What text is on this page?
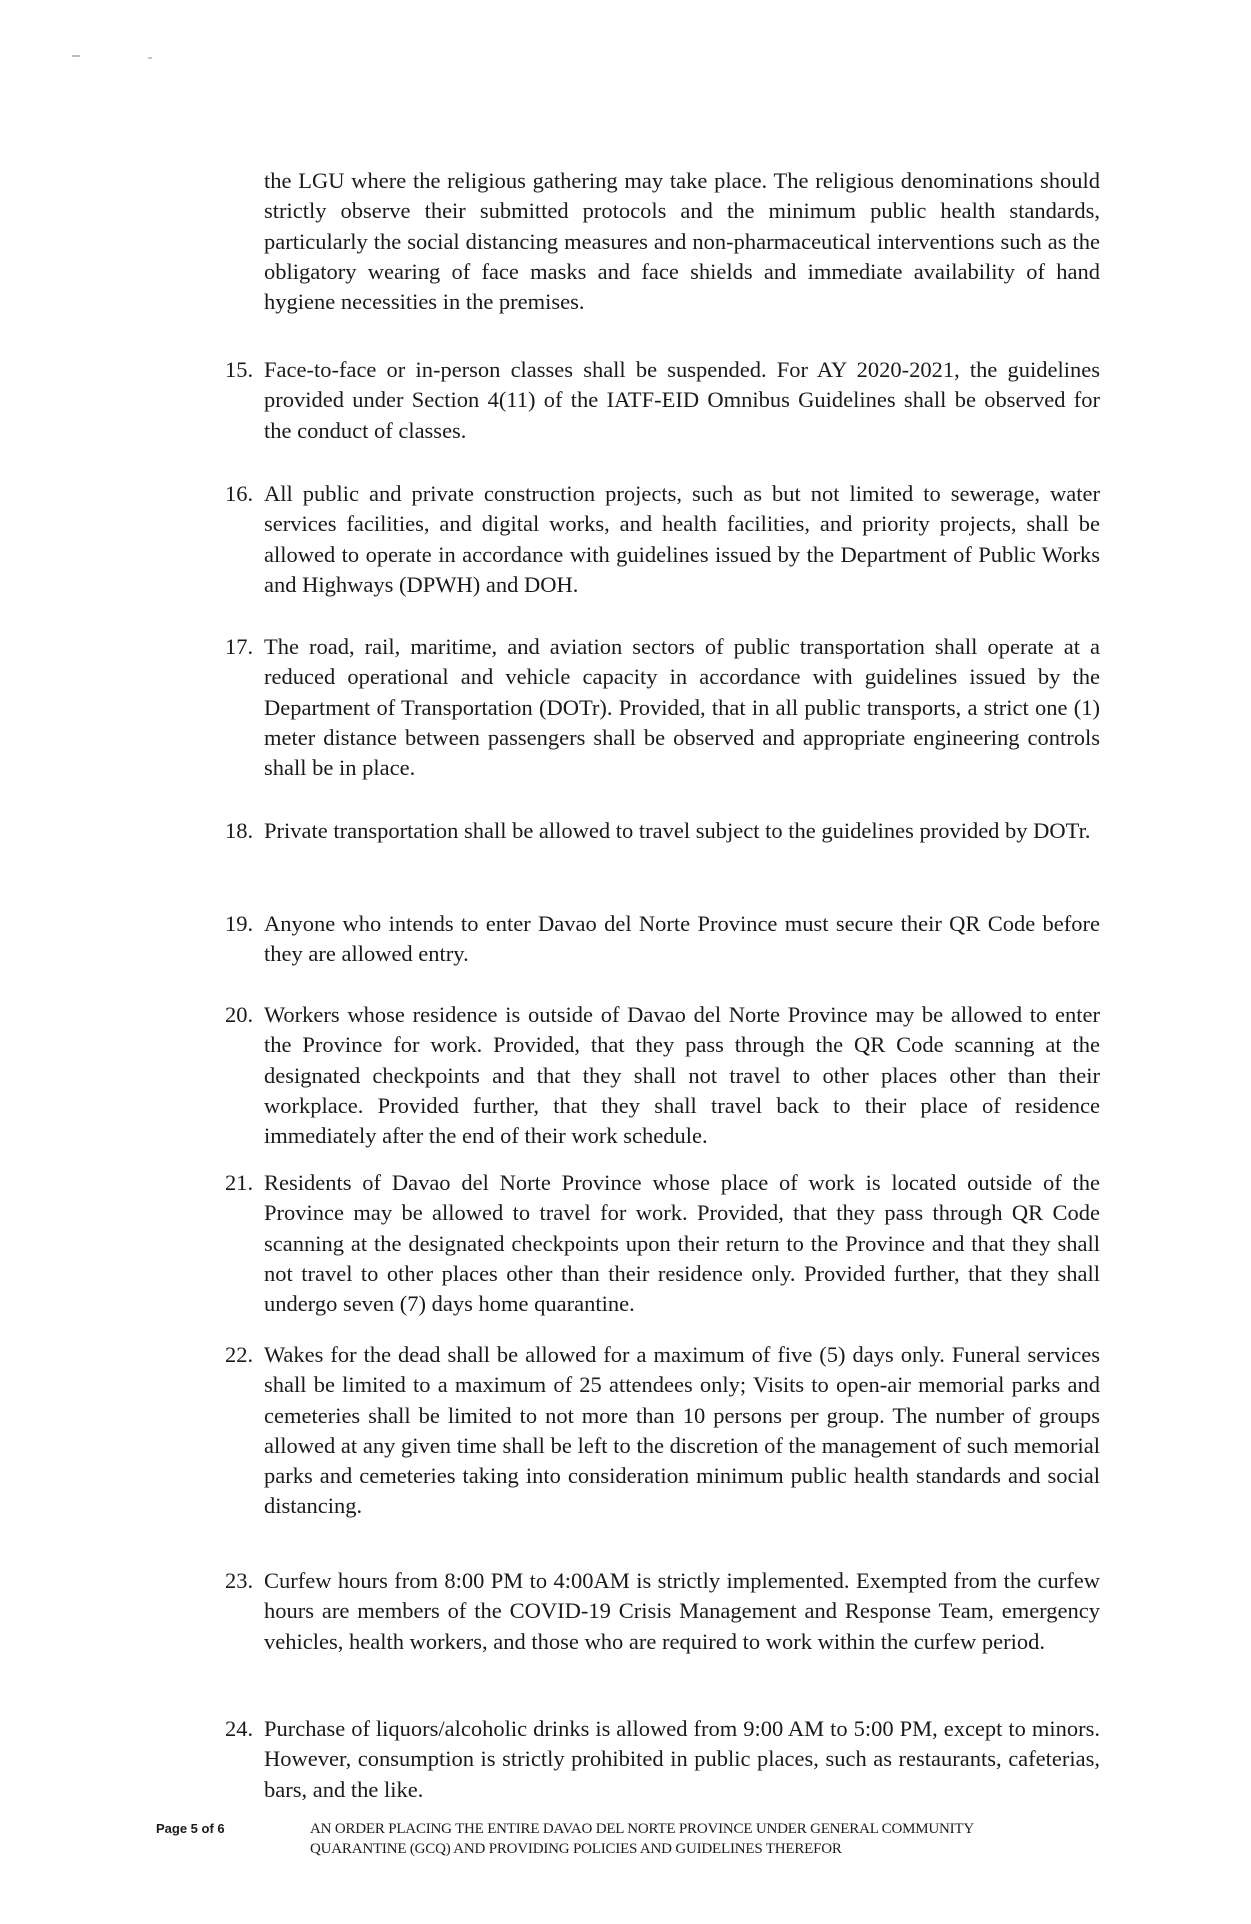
the LGU where the religious gathering may take place. The religious denominations should strictly observe their submitted protocols and the minimum public health standards, particularly the social distancing measures and non-pharmaceutical interventions such as the obligatory wearing of face masks and face shields and immediate availability of hand hygiene necessities in the premises.

15. Face-to-face or in-person classes shall be suspended. For AY 2020-2021, the guidelines provided under Section 4(11) of the IATF-EID Omnibus Guidelines shall be observed for the conduct of classes.
16. All public and private construction projects, such as but not limited to sewerage, water services facilities, and digital works, and health facilities, and priority projects, shall be allowed to operate in accordance with guidelines issued by the Department of Public Works and Highways (DPWH) and DOH.
17. The road, rail, maritime, and aviation sectors of public transportation shall operate at a reduced operational and vehicle capacity in accordance with guidelines issued by the Department of Transportation (DOTr). Provided, that in all public transports, a strict one (1) meter distance between passengers shall be observed and appropriate engineering controls shall be in place.
18. Private transportation shall be allowed to travel subject to the guidelines provided by DOTr.
19. Anyone who intends to enter Davao del Norte Province must secure their QR Code before they are allowed entry.
20. Workers whose residence is outside of Davao del Norte Province may be allowed to enter the Province for work. Provided, that they pass through the QR Code scanning at the designated checkpoints and that they shall not travel to other places other than their workplace. Provided further, that they shall travel back to their place of residence immediately after the end of their work schedule.
21. Residents of Davao del Norte Province whose place of work is located outside of the Province may be allowed to travel for work. Provided, that they pass through QR Code scanning at the designated checkpoints upon their return to the Province and that they shall not travel to other places other than their residence only. Provided further, that they shall undergo seven (7) days home quarantine.
22. Wakes for the dead shall be allowed for a maximum of five (5) days only. Funeral services shall be limited to a maximum of 25 attendees only; Visits to open-air memorial parks and cemeteries shall be limited to not more than 10 persons per group. The number of groups allowed at any given time shall be left to the discretion of the management of such memorial parks and cemeteries taking into consideration minimum public health standards and social distancing.
23. Curfew hours from 8:00 PM to 4:00AM is strictly implemented. Exempted from the curfew hours are members of the COVID-19 Crisis Management and Response Team, emergency vehicles, health workers, and those who are required to work within the curfew period.
24. Purchase of liquors/alcoholic drinks is allowed from 9:00 AM to 5:00 PM, except to minors. However, consumption is strictly prohibited in public places, such as restaurants, cafeterias, bars, and the like.
Page 5 of 6	AN ORDER PLACING THE ENTIRE DAVAO DEL NORTE PROVINCE UNDER GENERAL COMMUNITY
QUARANTINE (GCQ) AND PROVIDING POLICIES AND GUIDELINES THEREFOR
